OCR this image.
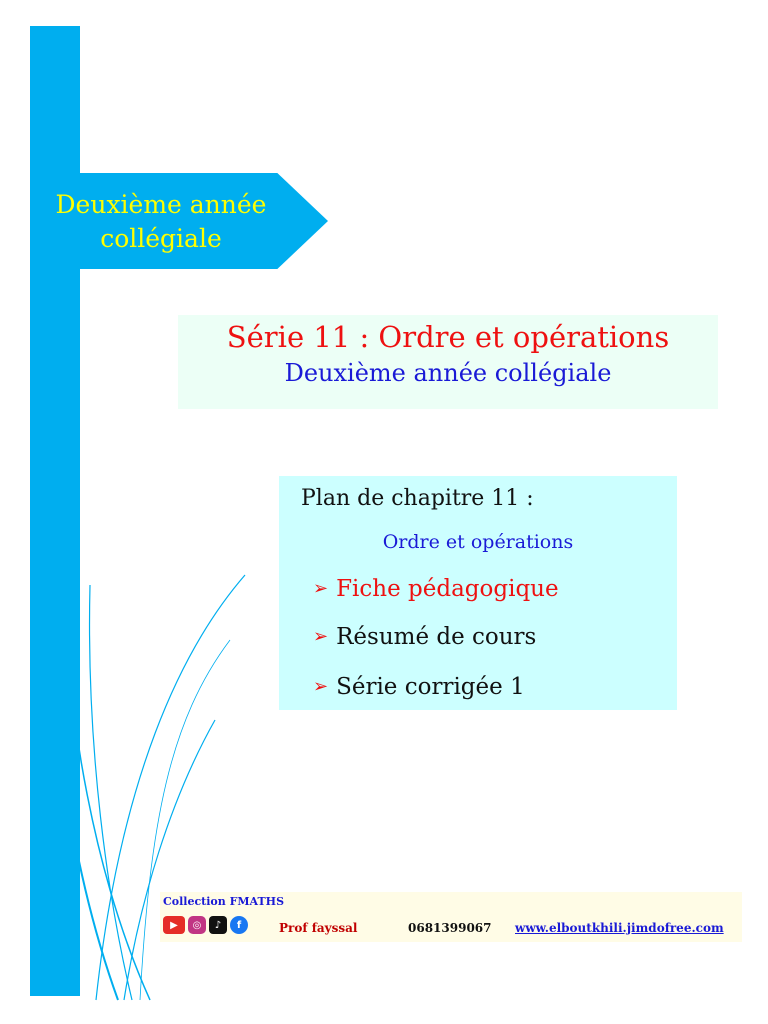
Deuxième année
collégiale
Série 11 : Ordre et opérations
Deuxième année collégiale
Plan de chapitre 11 :
Ordre et opérations
➢ Fiche pédagogique
➢ Résumé de cours
➢ Série corrigée 1
Collection FMATHS
▶	◎	♪	f	Prof fayssal	0681399067 www.elboutkhili.jimdofree.com
